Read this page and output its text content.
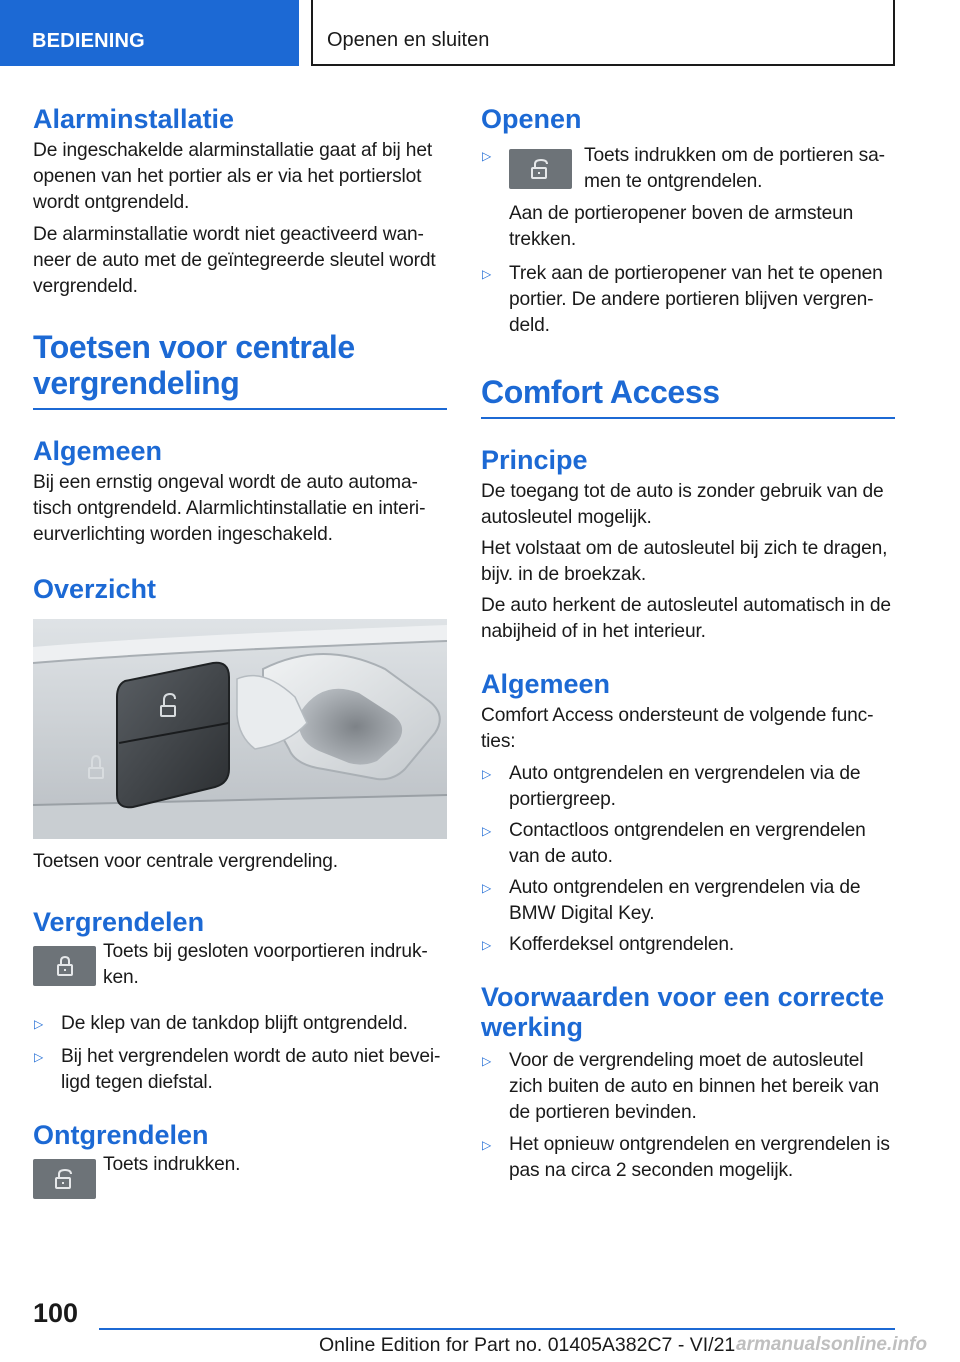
BEDIENING	Openen en sluiten
Alarminstallatie

De ingeschakelde alarminstallatie gaat af bij het openen van het portier als er via het portierslot wordt ontgrendeld.

De alarminstallatie wordt niet geactiveerd wanneer de auto met de geïntegreerde sleutel wordt vergrendeld.

Toetsen voor centrale vergrendeling
Algemeen

Bij een ernstig ongeval wordt de auto automatisch ontgrendeld. Alarmlichtinstallatie en interieurverlichting worden ingeschakeld.

Overzicht

Toetsen voor centrale vergrendeling.

Vergrendelen

Toets bij gesloten voorportieren indrukken.

▷ De klep van de tankdop blijft ontgrendeld.
▷ Bij het vergrendelen wordt de auto niet beveiligd tegen diefstal.
Ontgrendelen

Toets indrukken.

Openen
▷	Toets indrukken om de portieren samen te ontgrendelen.
Aan de portieropener boven de armsteun trekken.
▷ Trek aan de portieropener van het te openen portier. De andere portieren blijven vergrendeld.
Comfort Access
Principe

De toegang tot de auto is zonder gebruik van de autosleutel mogelijk.

Het volstaat om de autosleutel bij zich te dragen, bijv. in de broekzak.

De auto herkent de autosleutel automatisch in de nabijheid of in het interieur.

Algemeen

Comfort Access ondersteunt de volgende functies:

▷ Auto ontgrendelen en vergrendelen via de portiergreep.
▷ Contactloos ontgrendelen en vergrendelen van de auto.
▷ Auto ontgrendelen en vergrendelen via de BMW Digital Key.
▷ Kofferdeksel ontgrendelen.
Voorwaarden voor een correcte werking
▷ Voor de vergrendeling moet de autosleutel zich buiten de auto en binnen het bereik van de portieren bevinden.
▷ Het opnieuw ontgrendelen en vergrendelen is pas na circa 2 seconden mogelijk.
100
Online Edition for Part no. 01405A382C7 - VI/21 armanualsonline.info
